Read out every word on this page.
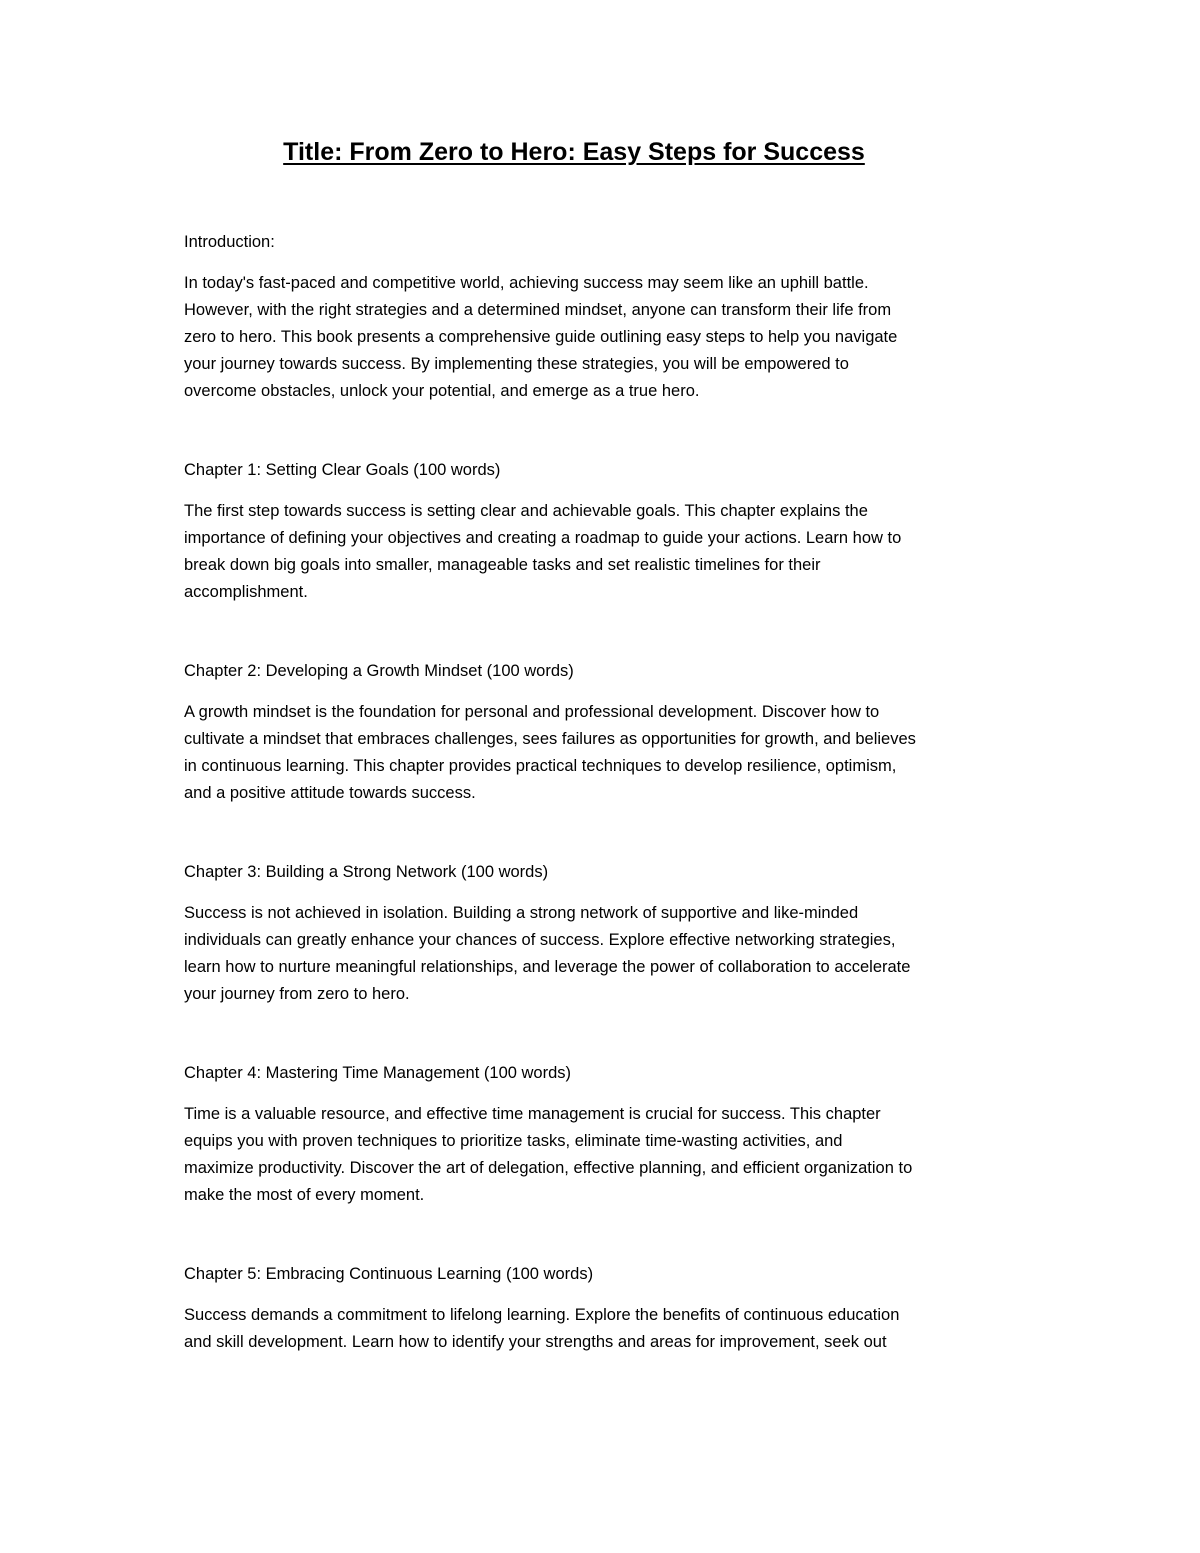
Title: From Zero to Hero: Easy Steps for Success

Introduction:

In today's fast-paced and competitive world, achieving success may seem like an uphill battle.
However, with the right strategies and a determined mindset, anyone can transform their life from
zero to hero. This book presents a comprehensive guide outlining easy steps to help you navigate
your journey towards success. By implementing these strategies, you will be empowered to
overcome obstacles, unlock your potential, and emerge as a true hero.

Chapter 1: Setting Clear Goals (100 words)

The first step towards success is setting clear and achievable goals. This chapter explains the
importance of defining your objectives and creating a roadmap to guide your actions. Learn how to
break down big goals into smaller, manageable tasks and set realistic timelines for their
accomplishment.

Chapter 2: Developing a Growth Mindset (100 words)

A growth mindset is the foundation for personal and professional development. Discover how to
cultivate a mindset that embraces challenges, sees failures as opportunities for growth, and believes
in continuous learning. This chapter provides practical techniques to develop resilience, optimism,
and a positive attitude towards success.

Chapter 3: Building a Strong Network (100 words)

Success is not achieved in isolation. Building a strong network of supportive and like-minded
individuals can greatly enhance your chances of success. Explore effective networking strategies,
learn how to nurture meaningful relationships, and leverage the power of collaboration to accelerate
your journey from zero to hero.

Chapter 4: Mastering Time Management (100 words)

Time is a valuable resource, and effective time management is crucial for success. This chapter
equips you with proven techniques to prioritize tasks, eliminate time-wasting activities, and
maximize productivity. Discover the art of delegation, effective planning, and efficient organization to
make the most of every moment.

Chapter 5: Embracing Continuous Learning (100 words)

Success demands a commitment to lifelong learning. Explore the benefits of continuous education
and skill development. Learn how to identify your strengths and areas for improvement, seek out
